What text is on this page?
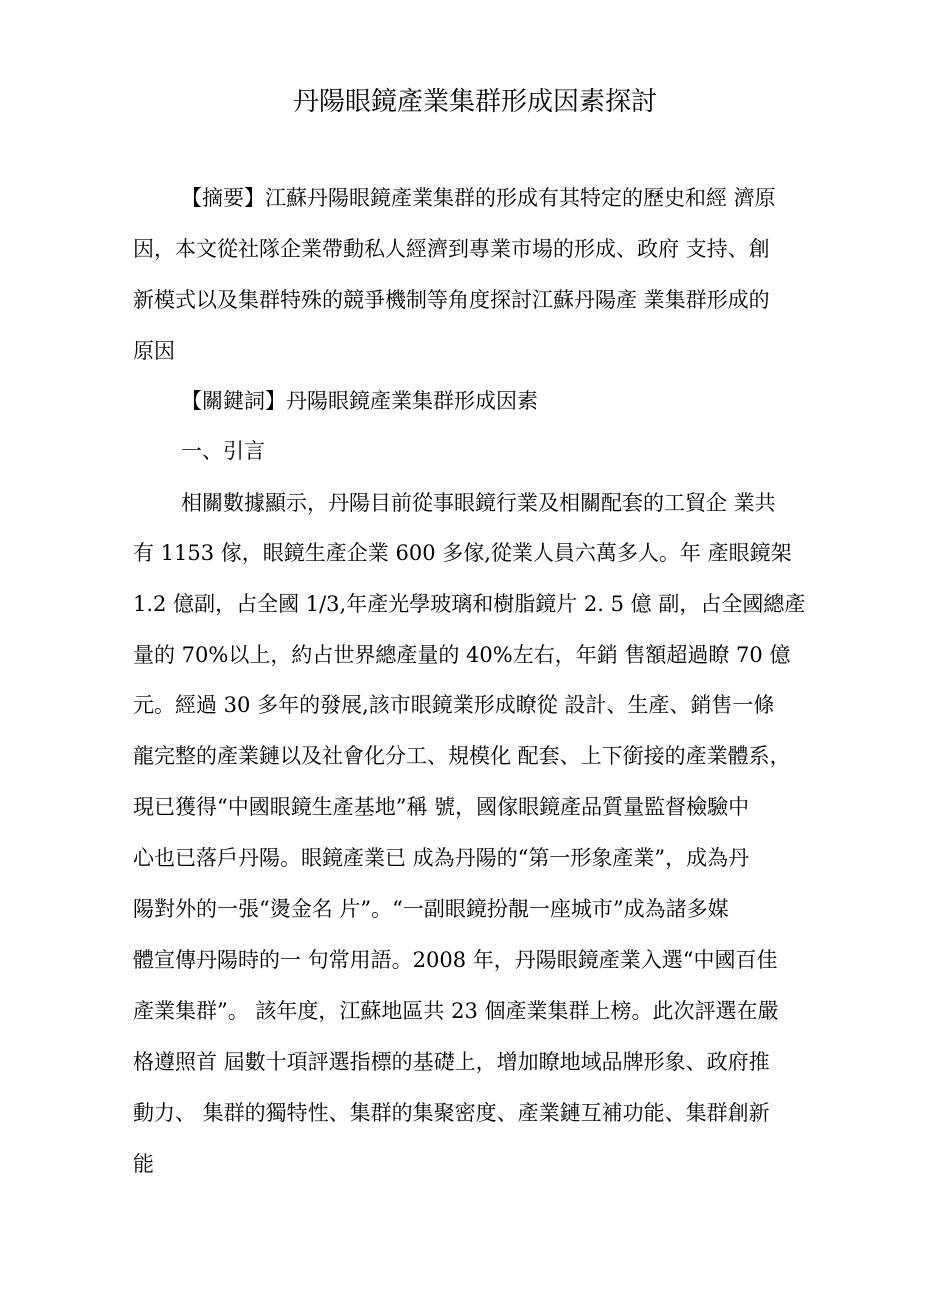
丹陽眼鏡產業集群形成因素探討

【摘要】江蘇丹陽眼鏡產業集群的形成有其特定的歷史和經 濟原

因，本文從社隊企業帶動私人經濟到專業市場的形成、政府 支持、創

新模式以及集群特殊的競爭機制等角度探討江蘇丹陽產 業集群形成的

原因

【關鍵詞】丹陽眼鏡產業集群形成因素

一、引言

相關數據顯示，丹陽目前從事眼鏡行業及相關配套的工貿企 業共

有 1153 傢，眼鏡生產企業 600 多傢,從業人員六萬多人。年 產眼鏡架

1.2 億副，占全國 1/3,年產光學玻璃和樹脂鏡片 2. 5 億 副，占全國總產

量的 70%以上，約占世界總產量的 40%左右，年銷 售額超過瞭 70 億

元。經過 30 多年的發展,該市眼鏡業形成瞭從 設計、生產、銷售一條

龍完整的產業鏈以及社會化分工、規模化 配套、上下銜接的產業體系，

現已獲得“中國眼鏡生產基地”稱 號，國傢眼鏡產品質量監督檢驗中

心也已落戶丹陽。眼鏡產業已 成為丹陽的“第一形象產業”，成為丹

陽對外的一張“燙金名 片”。“一副眼鏡扮靚一座城市”成為諸多媒

體宣傳丹陽時的一 句常用語。2008 年，丹陽眼鏡產業入選“中國百佳

產業集群”。 該年度，江蘇地區共 23 個產業集群上榜。此次評選在嚴

格遵照首 屆數十項評選指標的基礎上，增加瞭地域品牌形象、政府推

動力、 集群的獨特性、集群的集聚密度、產業鏈互補功能、集群創新

能
